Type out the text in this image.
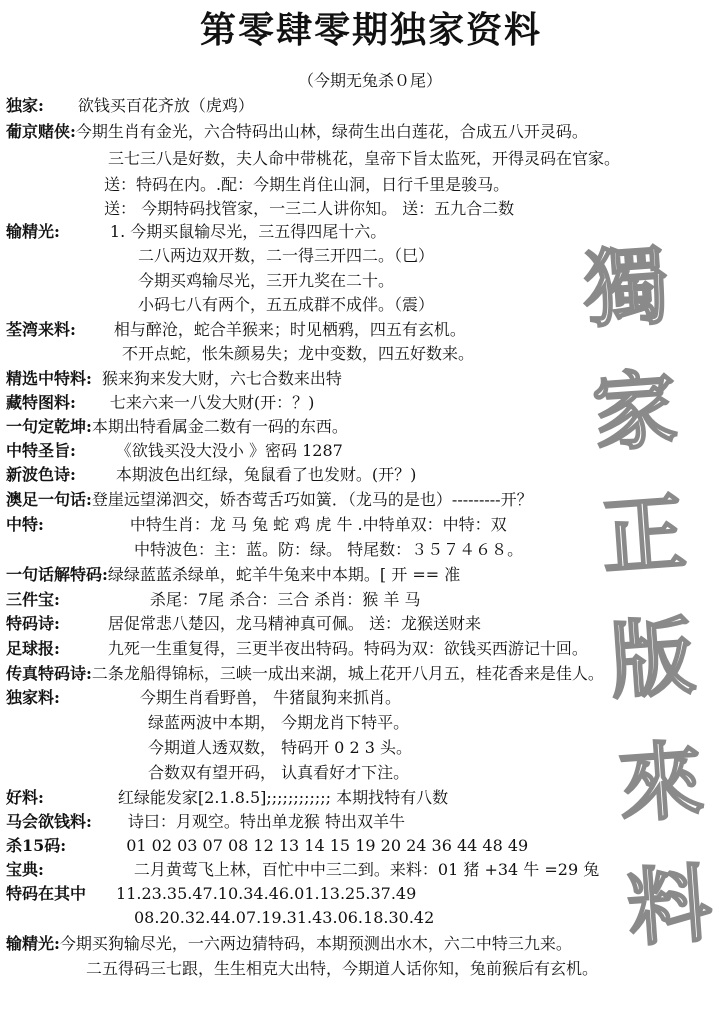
第零肆零期独家资料
（今期无兔杀０尾）
獨
家
正
版
來
料
独家: 欲钱买百花齐放（虎鸡）
葡京赌侠:今期生肖有金光，六合特码出山林，绿荷生出白莲花，合成五八开灵码。
三七三八是好数，夫人命中带桃花，皇帝下旨太监死，开得灵码在官家。
送：特码在内。.配：今期生肖住山洞，日行千里是骏马。
送： 今期特码找管家，一三二人讲你知。 送：五九合二数
输精光:	1. 今期买鼠输尽光，三五得四尾十六。
二八两边双开数，二一得三开四二。（巳）
今期买鸡输尽光，三开九奖在二十。
小码七八有两个，五五成群不成伴。（震）
荃湾来料: 相与醉沧，蛇合羊猴来；时见栖鸦，四五有玄机。
不开点蛇，怅朱颜易失；龙中变数，四五好数来。
精选中特料: 猴来狗来发大财，六七合数来出特
藏特图料: 七来六来一八发大财(开：？)
一句定乾坤:本期出特看属金二数有一码的东西。
中特圣旨:	《欲钱买没大没小 》密码 1287
新波色诗:	本期波色出红绿，兔鼠看了也发财。(开？)
澳足一句话:登崖远望涕泗交，娇杏莺舌巧如簧．（龙马的是也）---------开？
中特:	中特生肖：龙 马 兔 蛇 鸡 虎 牛 .中特单双：中特：双
中特波色：主：蓝。防：绿。 特尾数：３５７４６８。
一句话解特码:绿绿蓝蓝杀绿单，蛇羊牛兔来中本期。[ 开 == 准
三件宝:	杀尾：7尾 杀合：三合 杀肖：猴 羊 马
特码诗:	居促常悲八楚囚，龙马精神真可佩。 送：龙猴送财来
足球报:	九死一生重复得，三更半夜出特码。特码为双：欲钱买西游记十回。
传真特码诗:二条龙船得锦标，三峡一成出来湖，城上花开八月五，桂花香来是佳人。
独家料:	今期生肖看野兽， 牛猪鼠狗来抓肖。
绿蓝两波中本期， 今期龙肖下特平。
今期道人透双数， 特码开 0 2 3 头。
合数双有望开码， 认真看好才下注。
好料:	红绿能发家[2.1.8.5];;;;;;;;;;;; 本期找特有八数
马会欲钱料: 诗曰：月观空。特出单龙猴 特出双羊牛
杀15码:	01 02 03 07 08 12 13 14 15 19 20 24 36 44 48 49
宝典:	二月黄莺飞上林，百忙中中三二到。来料：01 猪 +34 牛 =29 兔
特码在其中 11.23.35.47.10.34.46.01.13.25.37.49
08.20.32.44.07.19.31.43.06.18.30.42
输精光:今期买狗输尽光，一六两边猜特码，本期预测出水木，六二中特三九来。
二五得码三七跟，生生相克大出特，今期道人话你知，兔前猴后有玄机。
